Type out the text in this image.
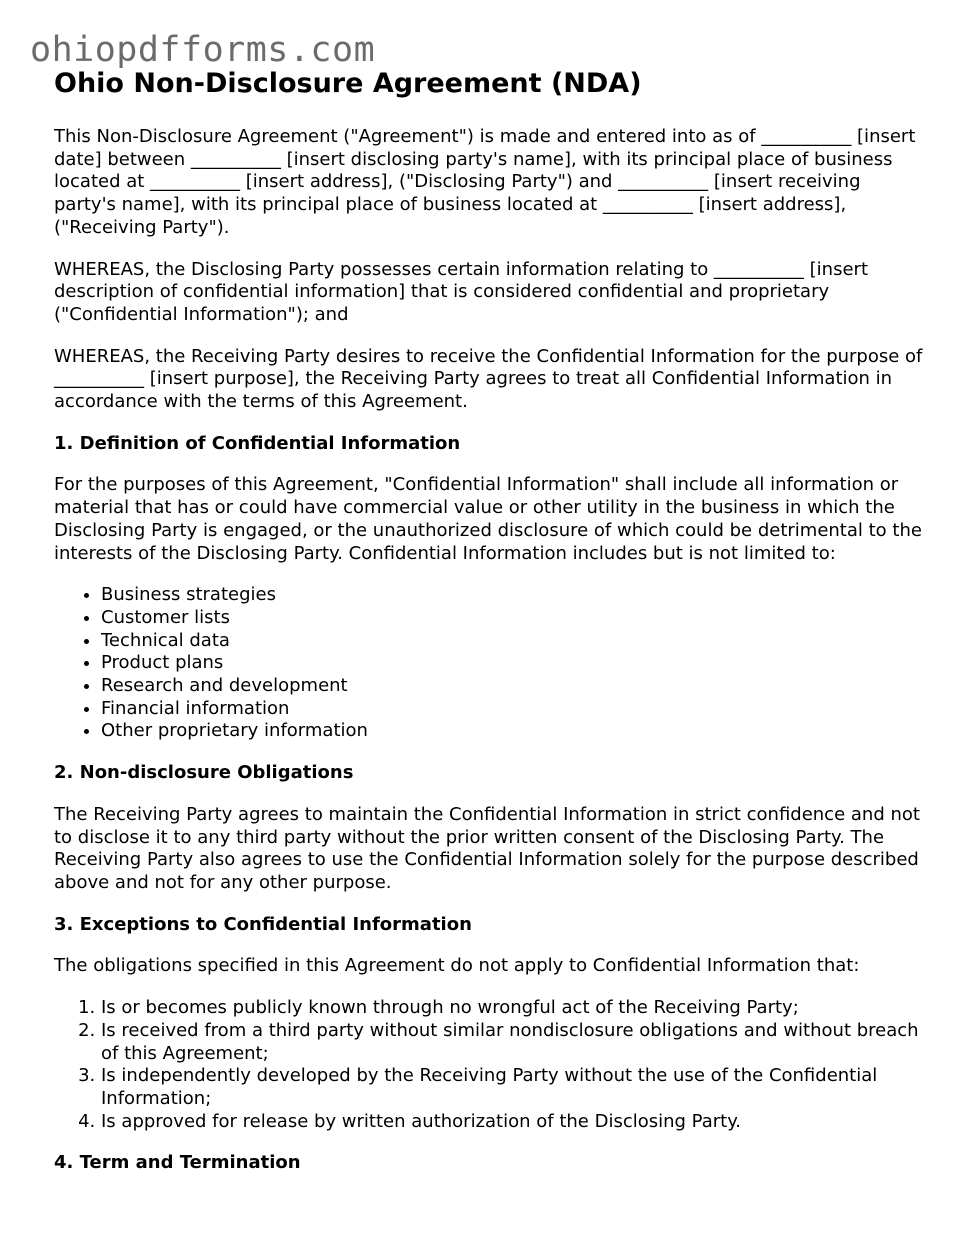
ohiopdfforms.com
Ohio Non-Disclosure Agreement (NDA)

This Non-Disclosure Agreement ("Agreement") is made and entered into as of __________ [insert date] between __________ [insert disclosing party's name], with its principal place of business located at __________ [insert address], ("Disclosing Party") and __________ [insert receiving party's name], with its principal place of business located at __________ [insert address], ("Receiving Party").

WHEREAS, the Disclosing Party possesses certain information relating to __________ [insert description of confidential information] that is considered confidential and proprietary ("Confidential Information"); and

WHEREAS, the Receiving Party desires to receive the Confidential Information for the purpose of __________ [insert purpose], the Receiving Party agrees to treat all Confidential Information in accordance with the terms of this Agreement.

1. Definition of Confidential Information

For the purposes of this Agreement, "Confidential Information" shall include all information or material that has or could have commercial value or other utility in the business in which the Disclosing Party is engaged, or the unauthorized disclosure of which could be detrimental to the interests of the Disclosing Party. Confidential Information includes but is not limited to:

• Business strategies
• Customer lists
• Technical data
• Product plans
• Research and development
• Financial information
• Other proprietary information
2. Non-disclosure Obligations

The Receiving Party agrees to maintain the Confidential Information in strict confidence and not to disclose it to any third party without the prior written consent of the Disclosing Party. The Receiving Party also agrees to use the Confidential Information solely for the purpose described above and not for any other purpose.

3. Exceptions to Confidential Information

The obligations specified in this Agreement do not apply to Confidential Information that:

1. Is or becomes publicly known through no wrongful act of the Receiving Party;
2. Is received from a third party without similar nondisclosure obligations and without breach of this Agreement;
3. Is independently developed by the Receiving Party without the use of the Confidential Information;
4. Is approved for release by written authorization of the Disclosing Party.
4. Term and Termination
